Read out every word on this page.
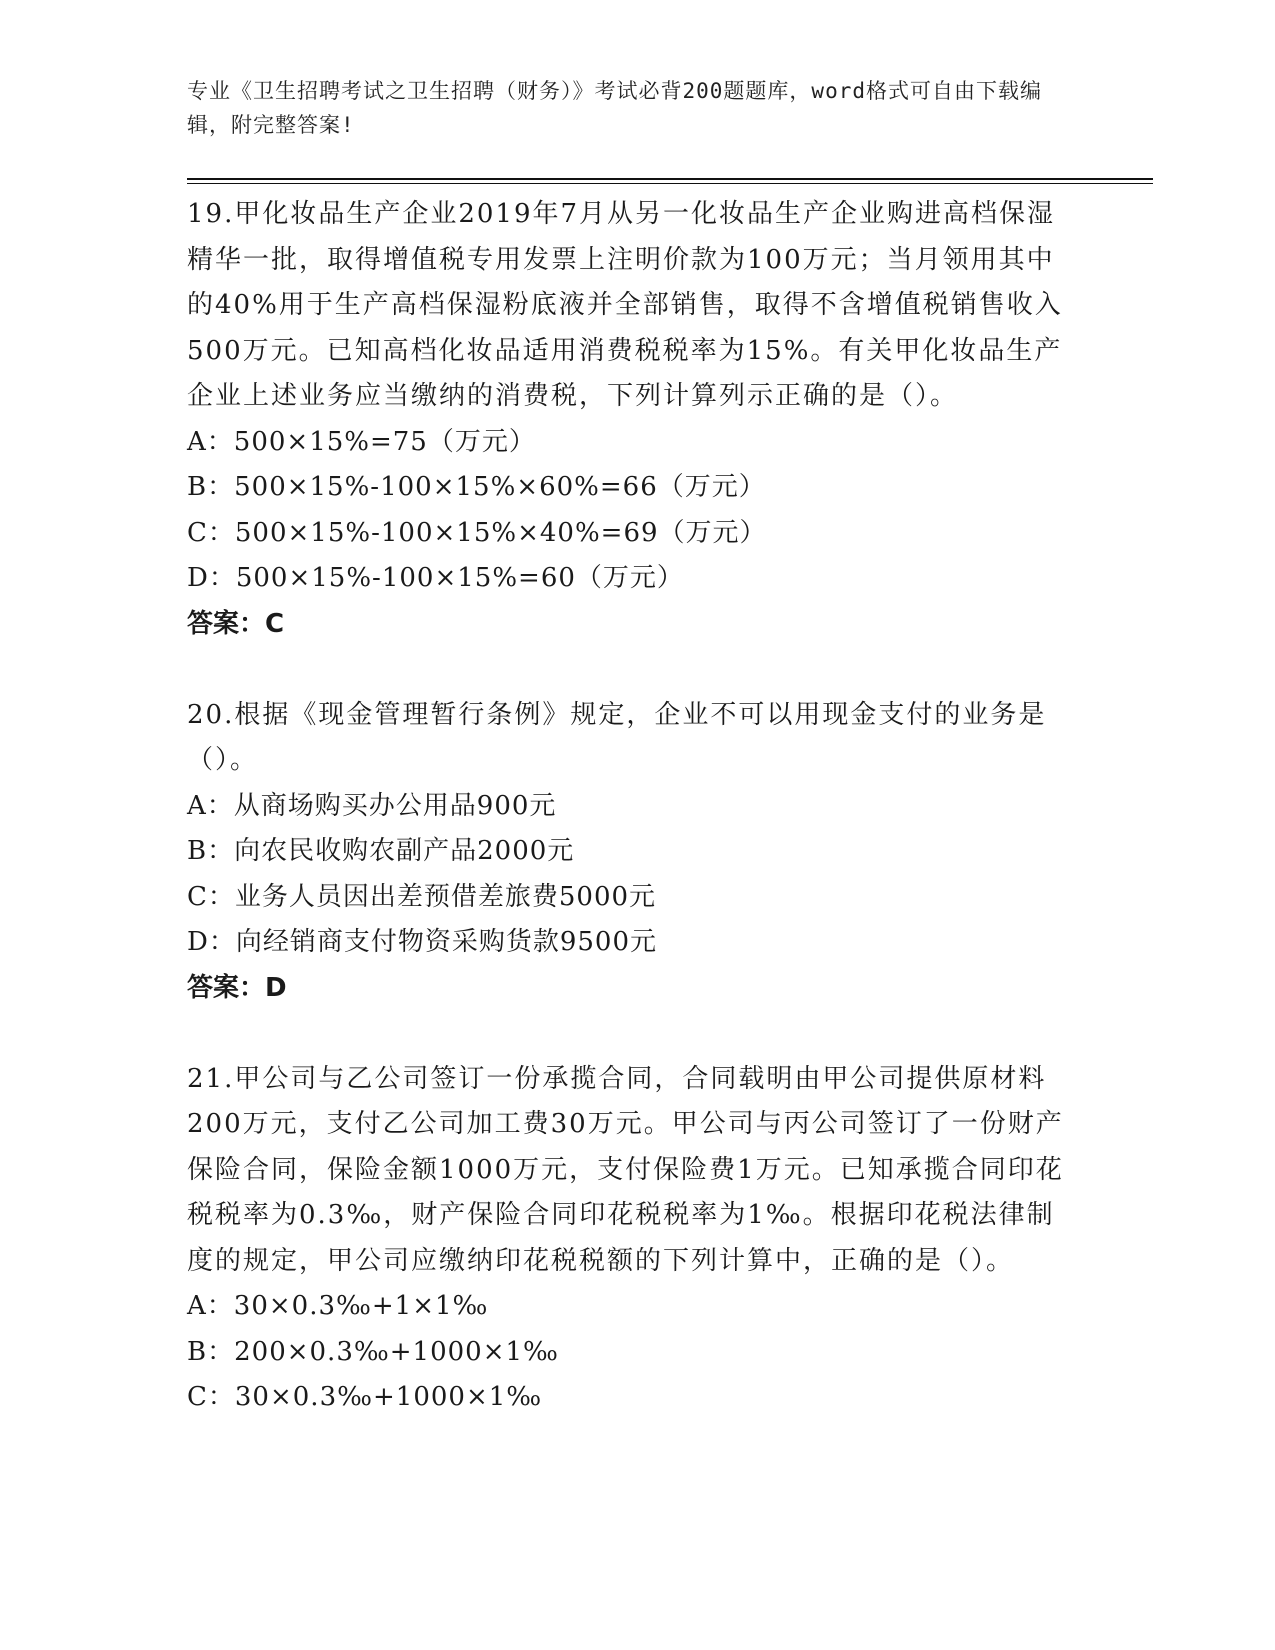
专业《卫生招聘考试之卫生招聘（财务）》考试必背200题题库，word格式可自由下载编辑，附完整答案!

19.甲化妆品生产企业2019年7月从另一化妆品生产企业购进高档保湿精华一批，取得增值税专用发票上注明价款为100万元；当月领用其中的40%用于生产高档保湿粉底液并全部销售，取得不含增值税销售收入500万元。已知高档化妆品适用消费税税率为15%。有关甲化妆品生产企业上述业务应当缴纳的消费税，下列计算列示正确的是（）。

A：500×15%=75（万元）
B：500×15%-100×15%×60%=66（万元）
C：500×15%-100×15%×40%=69（万元）
D：500×15%-100×15%=60（万元）

答案：C

20.根据《现金管理暂行条例》规定，企业不可以用现金支付的业务是（）。

A：从商场购买办公用品900元
B：向农民收购农副产品2000元
C：业务人员因出差预借差旅费5000元
D：向经销商支付物资采购货款9500元

答案：D

21.甲公司与乙公司签订一份承揽合同，合同载明由甲公司提供原材料200万元，支付乙公司加工费30万元。甲公司与丙公司签订了一份财产保险合同，保险金额1000万元，支付保险费1万元。已知承揽合同印花税税率为0.3‰，财产保险合同印花税税率为1‰。根据印花税法律制度的规定，甲公司应缴纳印花税税额的下列计算中，正确的是（）。

A：30×0.3‰+1×1‰
B：200×0.3‰+1000×1‰
C：30×0.3‰+1000×1‰
